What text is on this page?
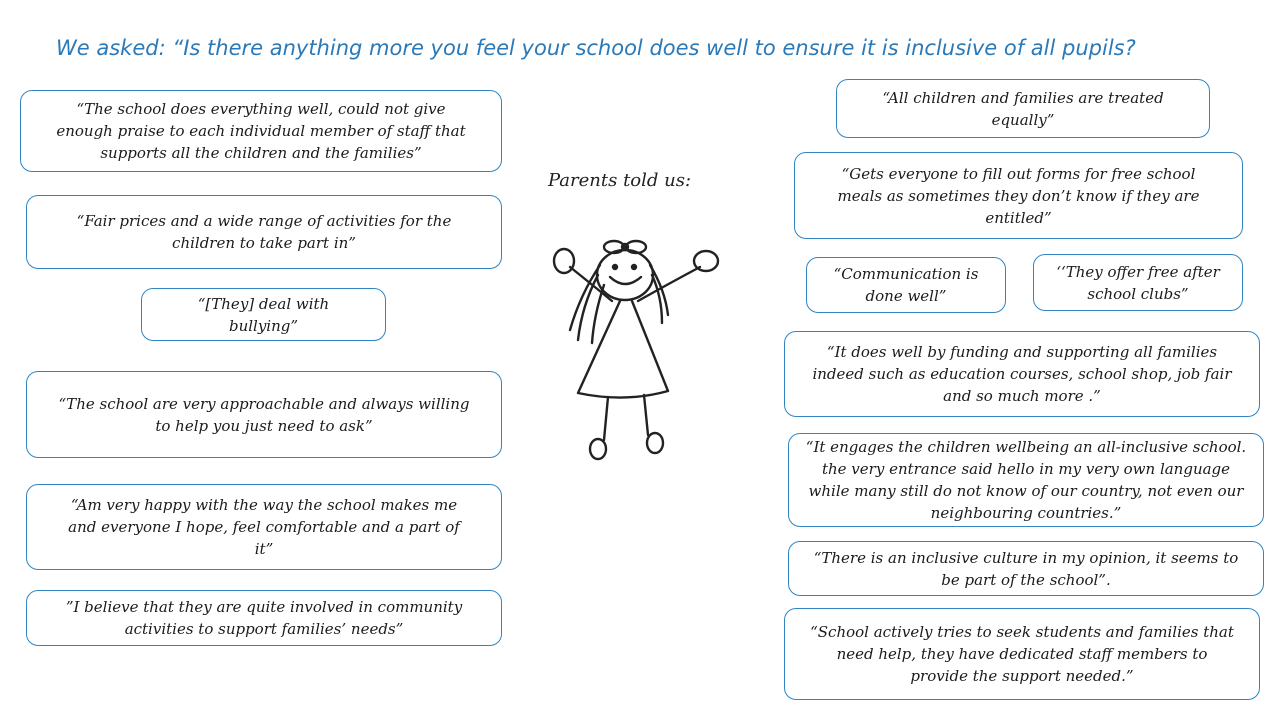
We asked: “Is there anything more you feel your school does well to ensure it is inclusive of all pupils?
“The school does everything well, could not give enough praise to each individual member of staff that supports all the children and the families”
“Fair prices and a wide range of activities for the children to take part in”
“[They] deal with bullying”
“The school are very approachable and always willing to help you just need to ask”
“Am very happy with the way the school makes me and everyone I hope, feel comfortable and a part of it”
”I believe that they are quite involved in community activities to support families’ needs”
Parents told us:
“All children and families are treated equally”
“Gets everyone to fill out forms for free school meals as sometimes they don’t know if they are entitled”
“Communication is done well”
‘‘They offer free after school clubs”
“It does well by funding and supporting all families indeed such as education courses, school shop, job fair and so much more .”
“It engages the children wellbeing an all-inclusive school. the very entrance said hello in my very own language while many still do not know of our country, not even our neighbouring countries.”
“There is an inclusive culture in my opinion, it seems to be part of the school”.
“School actively tries to seek students and families that need help, they have dedicated staff members to provide the support needed.”
